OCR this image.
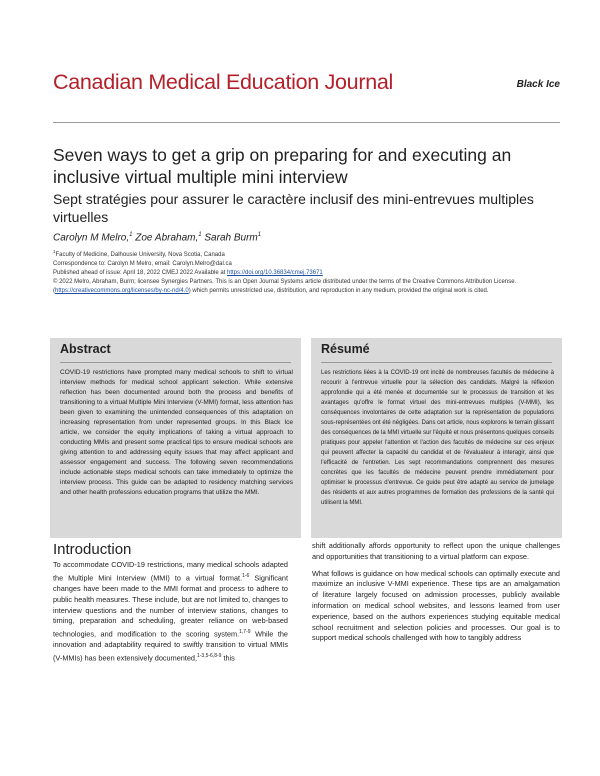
Canadian Medical Education Journal	Black Ice
Seven ways to get a grip on preparing for and executing an inclusive virtual multiple mini interview
Sept stratégies pour assurer le caractère inclusif des mini-entrevues multiples virtuelles
Carolyn M Melro,$^1$ Zoe Abraham,$^1$ Sarah Burm$^1$

$^1$Faculty of Medicine, Dalhousie University, Nova Scotia, Canada

Correspondence to: Carolyn M Melro, email: Carolyn.Melro@dal.ca

Published ahead of issue: April 18, 2022 CMEJ 2022 Available at https://doi.org/10.36834/cmej.73671

© 2022 Melro, Abraham, Burm; licensee Synergies Partners. This is an Open Journal Systems article distributed under the terms of the Creative Commons Attribution License. (https://creativecommons.org/licenses/by-nc-nd/4.0) which permits unrestricted use, distribution, and reproduction in any medium, provided the original work is cited.

Abstract
COVID-19 restrictions have prompted many medical schools to shift to virtual interview methods for medical school applicant selection. While extensive reflection has been documented around both the process and benefits of transitioning to a virtual Multiple Mini Interview (V-MMI) format, less attention has been given to examining the unintended consequences of this adaptation on increasing representation from under represented groups. In this Black Ice article, we consider the equity implications of taking a virtual approach to conducting MMIs and present some practical tips to ensure medical schools are giving attention to and addressing equity issues that may affect applicant and assessor engagement and success. The following seven recommendations include actionable steps medical schools can take immediately to optimize the interview process. This guide can be adapted to residency matching services and other health professions education programs that utilize the MMI.
Résumé
Les restrictions liées à la COVID-19 ont incité de nombreuses facultés de médecine à recourir à l'entrevue virtuelle pour la sélection des candidats. Malgré la réflexion approfondie qui a été menée et documentée sur le processus de transition et les avantages qu'offre le format virtuel des mini-entrevues multiples (V-MMI), les conséquences involontaires de cette adaptation sur la représentation de populations sous-représentées ont été négligées. Dans cet article, nous explorons le terrain glissant des conséquences de la MMI virtuelle sur l'équité et nous présentons quelques conseils pratiques pour appeler l'attention et l'action des facultés de médecine sur ces enjeux qui peuvent affecter la capacité du candidat et de l'évaluateur à interagir, ainsi que l'efficacité de l'entretien. Les sept recommandations comprennent des mesures concrètes que les facultés de médecine peuvent prendre immédiatement pour optimiser le processus d'entrevue. Ce guide peut être adapté au service de jumelage des résidents et aux autres programmes de formation des professions de la santé qui utilisent la MMI.
Introduction

To accommodate COVID-19 restrictions, many medical schools adapted the Multiple Mini Interview (MMI) to a virtual format.$^{1-6}$ Significant changes have been made to the MMI format and process to adhere to public health measures. These include, but are not limited to, changes to interview questions and the number of interview stations, changes to timing, preparation and scheduling, greater reliance on web-based technologies, and modification to the scoring system.$^{1,7-9}$ While the innovation and adaptability required to swiftly transition to virtual MMIs (V-MMIs) has been extensively documented,$^{1-3,5-6,8-9}$ this

shift additionally affords opportunity to reflect upon the unique challenges and opportunities that transitioning to a virtual platform can expose.

What follows is guidance on how medical schools can optimally execute and maximize an inclusive V-MMI experience. These tips are an amalgamation of literature largely focused on admission processes, publicly available information on medical school websites, and lessons learned from user experience, based on the authors experiences studying equitable medical school recruitment and selection policies and processes. Our goal is to support medical schools challenged with how to tangibly address
